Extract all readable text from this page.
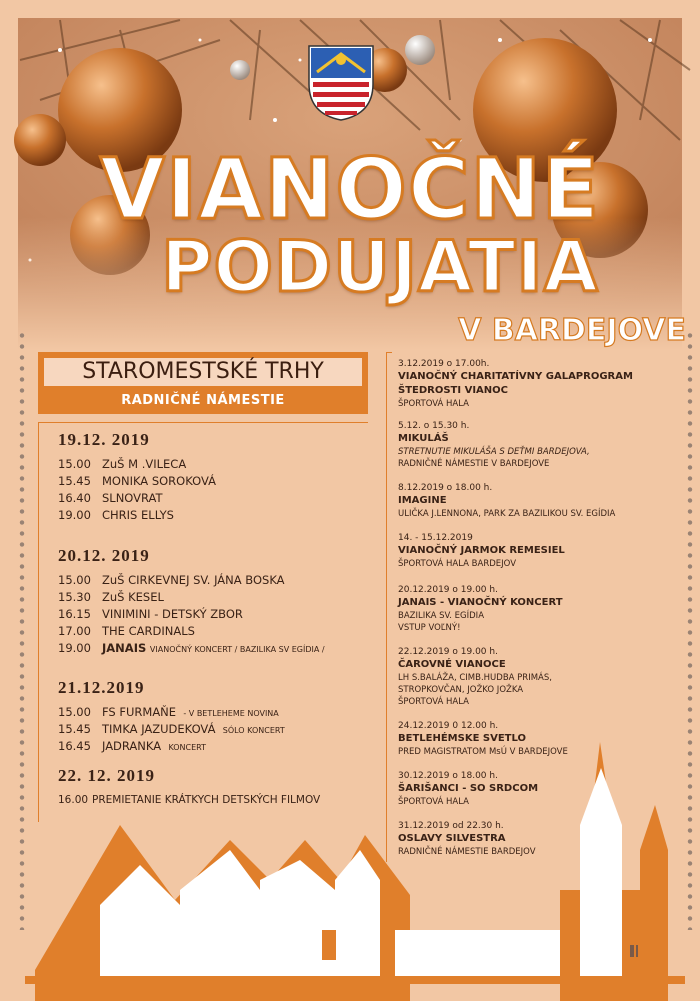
VIANOČNÉ
PODUJATIA
V BARDEJOVE
STAROMESTSKÉ TRHY
RADNIČNÉ NÁMESTIE
19.12. 2019
15.00 ZuŠ M .VILECA
15.45 MONIKA SOROKOVÁ
16.40 SLNOVRAT
19.00 CHRIS ELLYS
20.12. 2019
15.00 ZuŠ CIRKEVNEJ SV. JÁNA BOSKA
15.30 ZuŠ KESEL
16.15 VINIMINI - DETSKÝ ZBOR
17.00 THE CARDINALS
19.00 JANAIS VIANOČNÝ KONCERT / BAZILIKA SV EGÍDIA /
21.12.2019
15.00 FS FURMAŇE - V BETLEHEME NOVINA
15.45 TIMKA JAZUDEKOVÁ SÓLO KONCERT
16.45 JADRANKA KONCERT
22. 12. 2019
16.00 PREMIETANIE KRÁTKYCH DETSKÝCH FILMOV
3.12.2019 o 17.00h.
VIANOČNÝ CHARITATÍVNY GALAPROGRAM
ŠTEDROSTI VIANOC
ŠPORTOVÁ HALA
5.12. o 15.30 h.
MIKULÁŠ
STRETNUTIE MIKULÁŠA S DEŤMI BARDEJOVA,
RADNIČNÉ NÁMESTIE V BARDEJOVE
8.12.2019 o 18.00 h.
IMAGINE
ULIČKA J.LENNONA, PARK ZA BAZILIKOU SV. EGÍDIA
14. - 15.12.2019
VIANOČNÝ JARMOK REMESIEL
ŠPORTOVÁ HALA BARDEJOV
20.12.2019 o 19.00 h.
JANAIS - VIANOČNÝ KONCERT
BAZILIKA SV. EGÍDIA
VSTUP VOĽNÝ!
22.12.2019 o 19.00 h.
ČAROVNÉ VIANOCE
LH S.BALÁŽA, CIMB.HUDBA PRIMÁS,
STROPKOVČAN, JOŽKO JOŽKA
ŠPORTOVÁ HALA
24.12.2019 0 12.00 h.
BETLEHÉMSKE SVETLO
PRED MAGISTRATOM MsÚ V BARDEJOVE
30.12.2019 o 18.00 h.
ŠARIŠANCI - SO SRDCOM
ŠPORTOVÁ HALA
31.12.2019 od 22.30 h.
OSLAVY SILVESTRA
RADNIČNÉ NÁMESTIE BARDEJOV
